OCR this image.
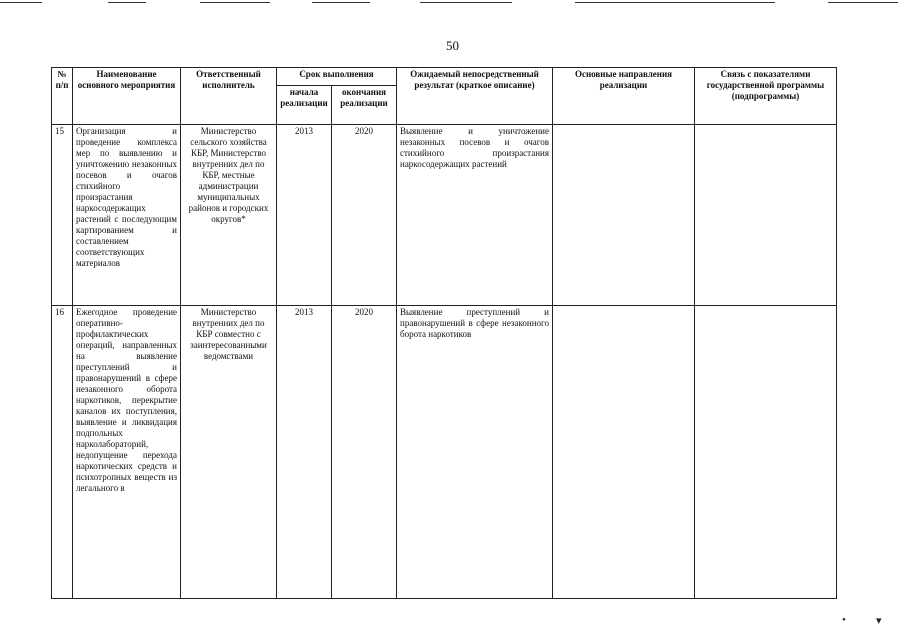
50
№ п/п	Наименование основного мероприятия	Ответственный исполнитель	Срок выполнения		Ожидаемый непосредственный результат (краткое описание)	Основные направления реализации	Связь с показателями государственной программы (подпрограммы)
			начала реализации	окончания реализации			
15	Организация и проведение комплекса мер по выявлению и уничтожению незаконных посевов и очагов стихийного произрастания наркосодержащих растений с последующим картированием и составлением соответствующих материалов	Министерство сельского хозяйства КБР, Министерство внутренних дел по КБР, местные администрации муниципальных районов и городских округов*	2013	2020	Выявление и уничтожение незаконных посевов и очагов стихийного произрастания наркосодержащих растений		
16	Ежегодное проведение оперативно-профилактических операций, направленных на выявление преступлений и правонарушений в сфере незаконного оборота наркотиков, перекрытие каналов их поступления, выявление и ликвидация подпольных нарколабораторий, недопущение перехода наркотических средств и психотропных веществ из легального в	Министерство внутренних дел по КБР совместно с заинтересованными ведомствами	2013	2020	Выявление преступлений и правонарушений в сфере незаконного борота наркотиков		
•	▾
